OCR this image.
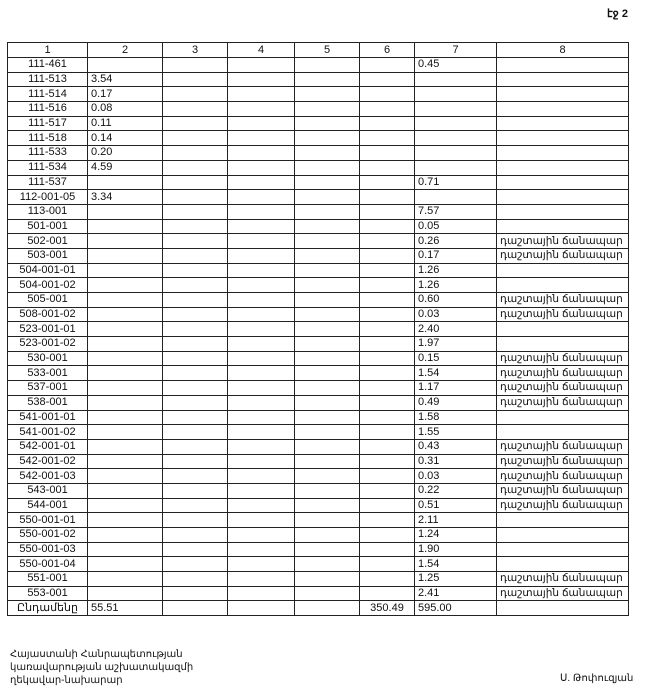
էջ 2
1	2	3	4	5	6	7	8
111-461						0.45	
111-513	3.54						
111-514	0.17						
111-516	0.08						
111-517	0.11						
111-518	0.14						
111-533	0.20						
111-534	4.59						
111-537						0.71	
112-001-05	3.34						
113-001						7.57	
501-001						0.05	
502-001						0.26	դաշտային ճանապար

503-001						0.17	դաշտային ճանապար

504-001-01						1.26	
504-001-02						1.26	
505-001						0.60	դաշտային ճանապար

508-001-02						0.03	դաշտային ճանապար

523-001-01						2.40	
523-001-02						1.97	
530-001						0.15	դաշտային ճանապար

533-001						1.54	դաշտային ճանապար

537-001						1.17	դաշտային ճանապար

538-001						0.49	դաշտային ճանապար

541-001-01						1.58	
541-001-02						1.55	
542-001-01						0.43	դաշտային ճանապար

542-001-02						0.31	դաշտային ճանապար

542-001-03						0.03	դաշտային ճանապար

543-001						0.22	դաշտային ճանապար

544-001						0.51	դաշտային ճանապար

550-001-01						2.11	
550-001-02						1.24	
550-001-03						1.90	
550-001-04						1.54	
551-001						1.25	դաշտային ճանապար

553-001						2.41	դաշտային ճանապար

Ընդամենը	55.51				350.49	595.00	
Հայաստանի Հանրապետության
կառավարության աշխատակազմի
ղեկավար-նախարար	Ս. Թոփուզյան
